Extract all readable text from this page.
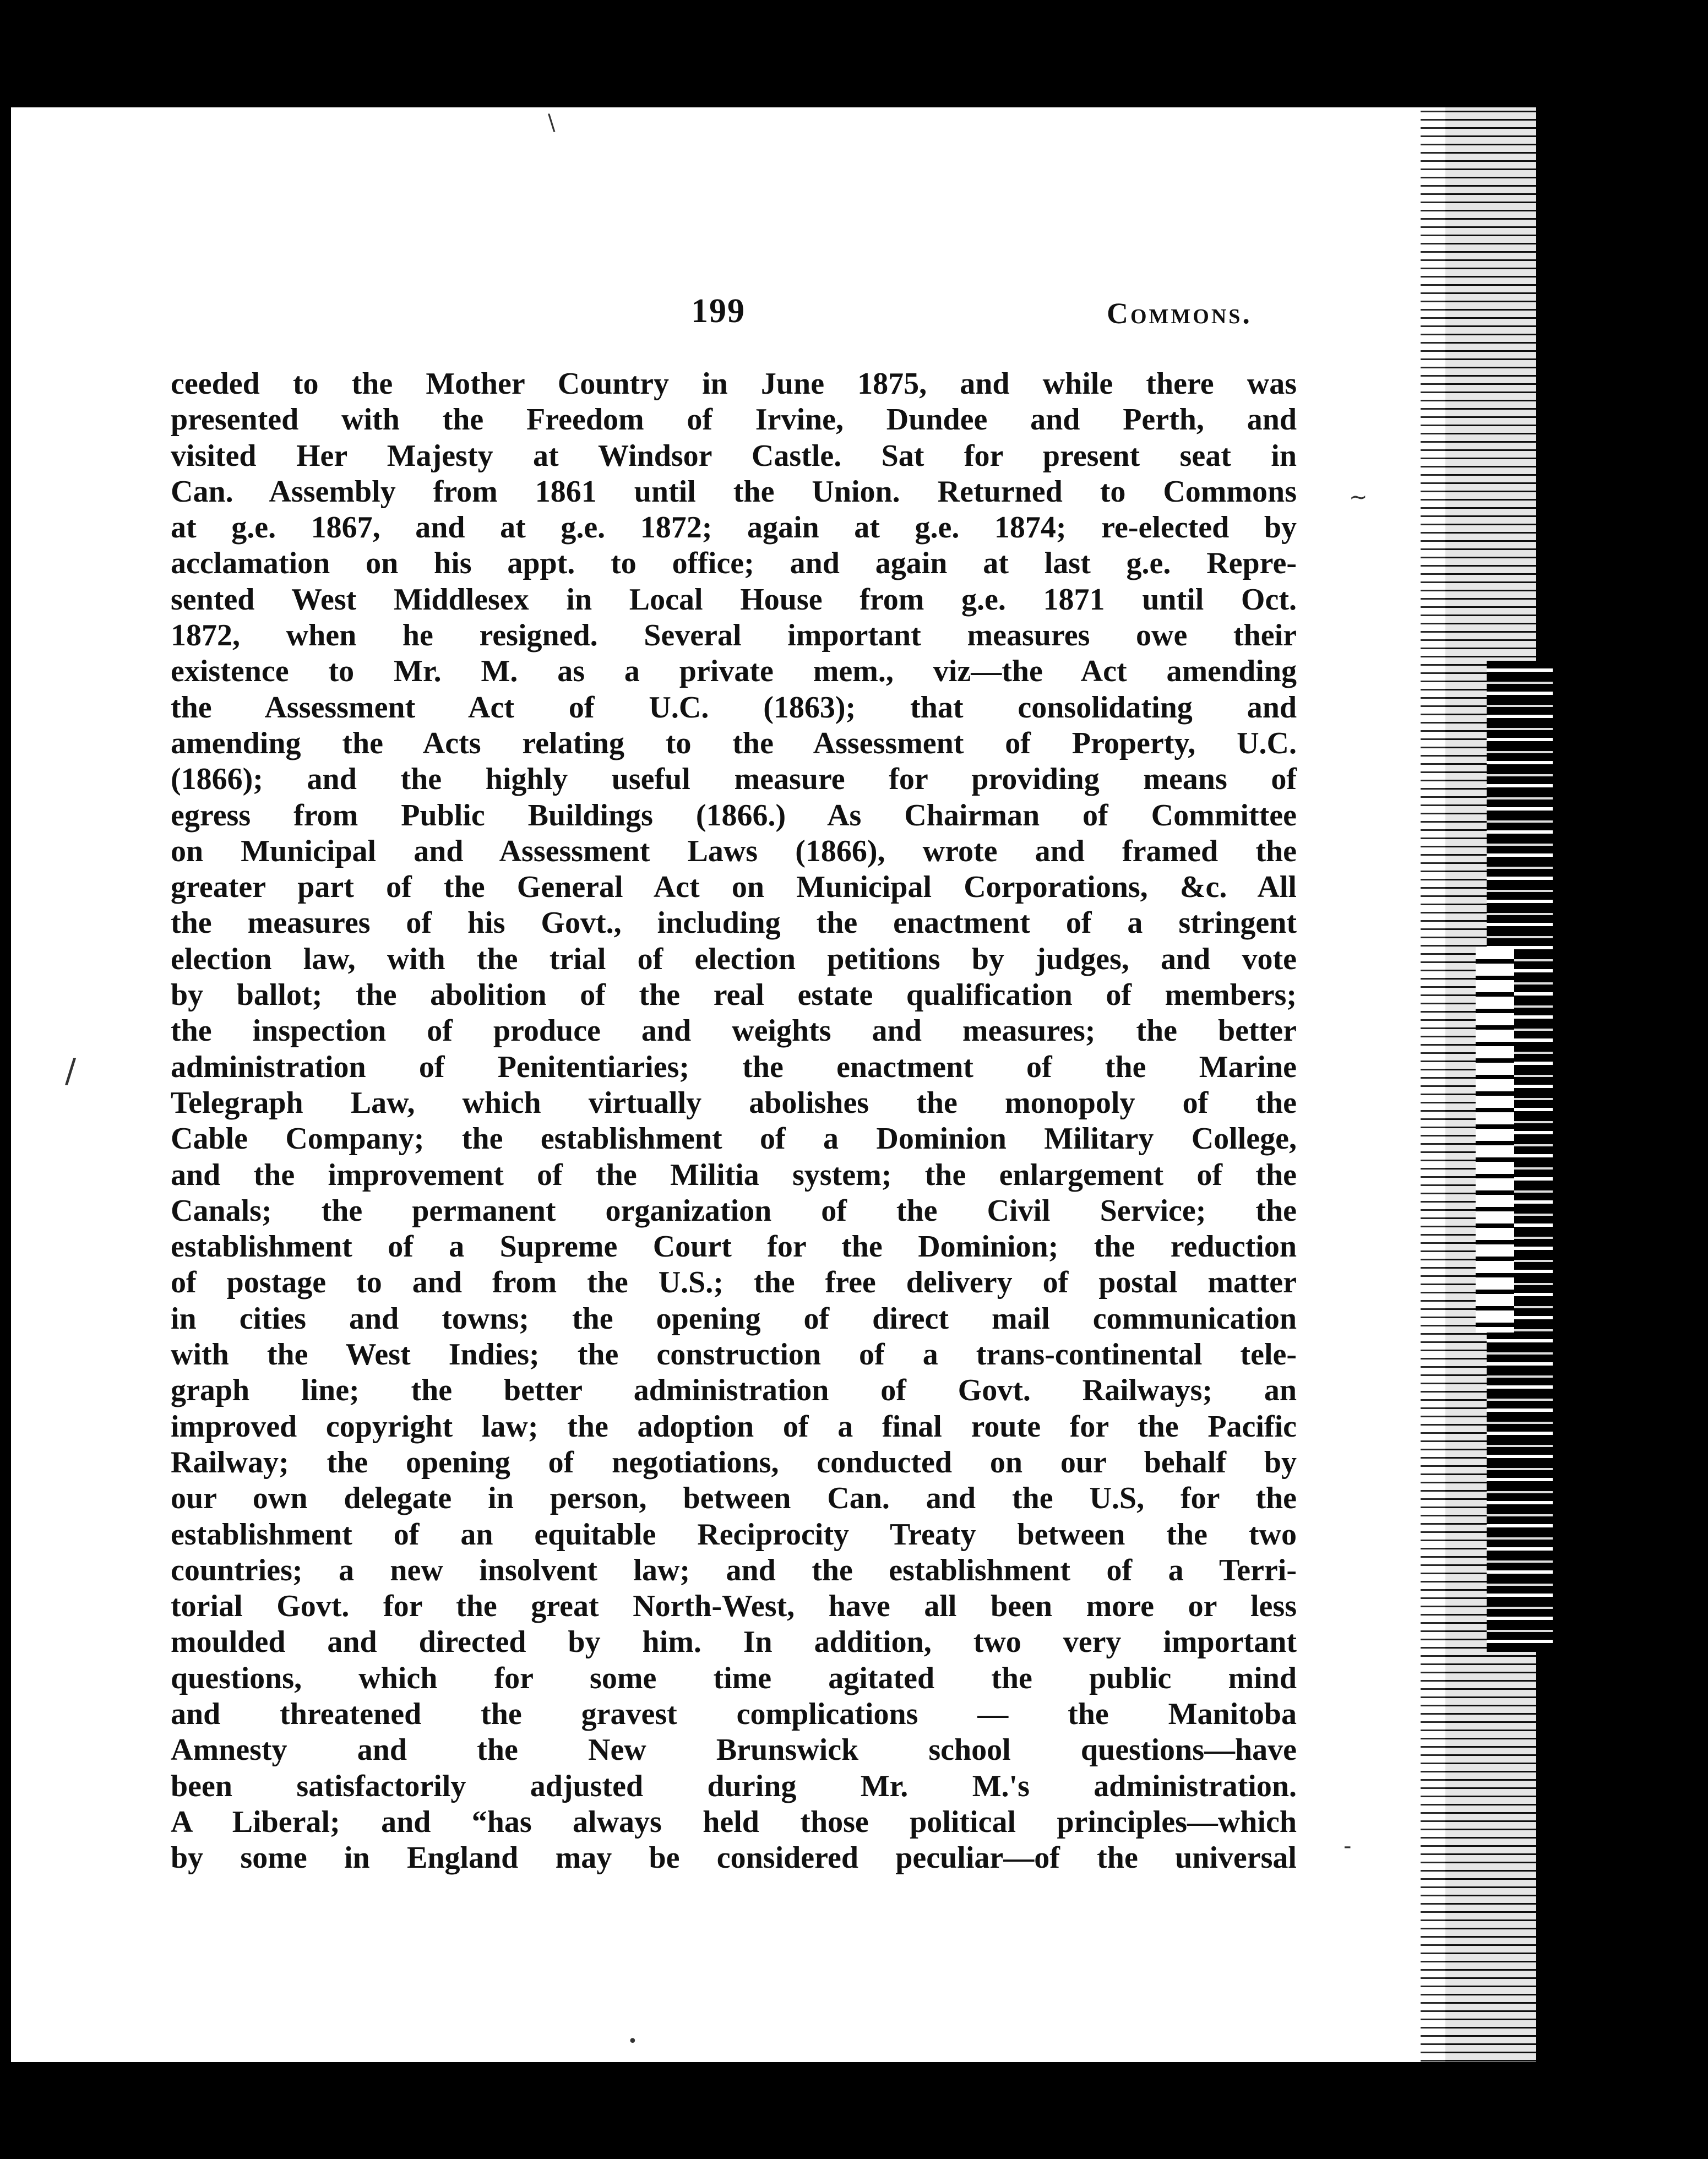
199	Commons.
ceeded to the Mother Country in June 1875, and while there was
presented with the Freedom of Irvine, Dundee and Perth, and
visited Her Majesty at Windsor Castle. Sat for present seat in
Can. Assembly from 1861 until the Union. Returned to Commons
at g.e. 1867, and at g.e. 1872; again at g.e. 1874; re-elected by
acclamation on his appt. to office; and again at last g.e. Repre-
sented West Middlesex in Local House from g.e. 1871 until Oct.
1872, when he resigned. Several important measures owe their
existence to Mr. M. as a private mem., viz—the Act amending
the Assessment Act of U.C. (1863); that consolidating and
amending the Acts relating to the Assessment of Property, U.C.
(1866); and the highly useful measure for providing means of
egress from Public Buildings (1866.) As Chairman of Committee
on Municipal and Assessment Laws (1866), wrote and framed the
greater part of the General Act on Municipal Corporations, &c. All
the measures of his Govt., including the enactment of a stringent
election law, with the trial of election petitions by judges, and vote
by ballot; the abolition of the real estate qualification of members;
the inspection of produce and weights and measures; the better
administration of Penitentiaries; the enactment of the Marine
Telegraph Law, which virtually abolishes the monopoly of the
Cable Company; the establishment of a Dominion Military College,
and the improvement of the Militia system; the enlargement of the
Canals; the permanent organization of the Civil Service; the
establishment of a Supreme Court for the Dominion; the reduction
of postage to and from the U.S.; the free delivery of postal matter
in cities and towns; the opening of direct mail communication
with the West Indies; the construction of a trans-continental tele-
graph line; the better administration of Govt. Railways; an
improved copyright law; the adoption of a final route for the Pacific
Railway; the opening of negotiations, conducted on our behalf by
our own delegate in person, between Can. and the U.S, for the
establishment of an equitable Reciprocity Treaty between the two
countries; a new insolvent law; and the establishment of a Terri-
torial Govt. for the great North-West, have all been more or less
moulded and directed by him. In addition, two very important
questions, which for some time agitated the public mind
and threatened the gravest complications — the Manitoba
Amnesty and the New Brunswick school questions—have
been satisfactorily adjusted during Mr. M.'s administration.
A Liberal; and “has always held those political principles—which
by some in England may be considered peculiar—of the universal
\
/
~
-
•
